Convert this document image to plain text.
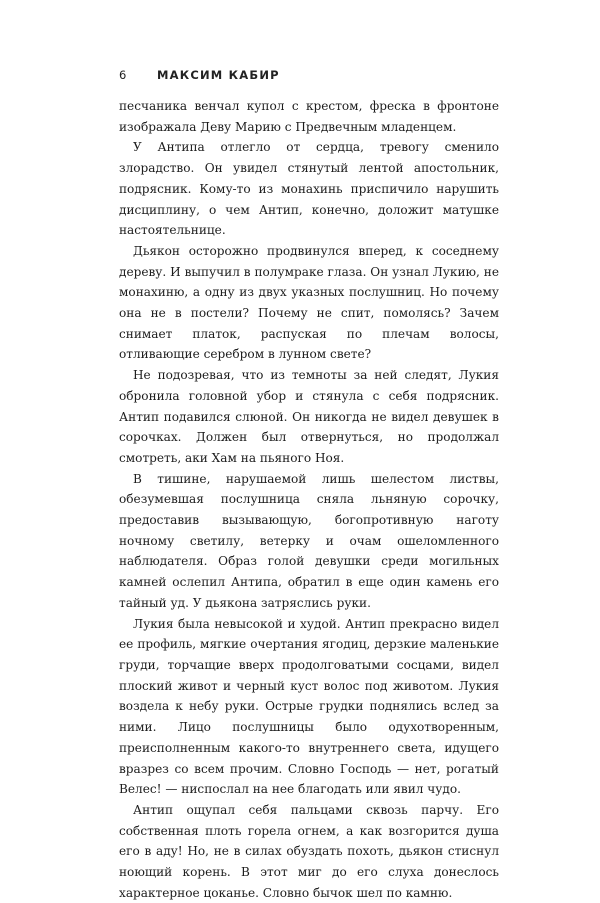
6	МАКСИМ КАБИР

песчаника венчал купол с крестом, фреска в фронтоне изображала Деву Марию с Предвечным младенцем.

У Антипа отлегло от сердца, тревогу сменило злорадство. Он увидел стянутый лентой апостольник, подрясник. Кому-то из монахинь приспичило нарушить дисциплину, о чем Антип, конечно, доложит матушке настоятельнице.

Дьякон осторожно продвинулся вперед, к соседнему дереву. И выпучил в полумраке глаза. Он узнал Лукию, не монахиню, а одну из двух указных послушниц. Но почему она не в постели? Почему не спит, помолясь? Зачем снимает платок, распуская по плечам волосы, отливающие серебром в лунном свете?

Не подозревая, что из темноты за ней следят, Лукия обронила головной убор и стянула с себя подрясник. Антип подавился слюной. Он никогда не видел девушек в сорочках. Должен был отвернуться, но продолжал смотреть, аки Хам на пьяного Ноя.

В тишине, нарушаемой лишь шелестом листвы, обезумевшая послушница сняла льняную сорочку, предоставив вызывающую, богопротивную наготу ночному светилу, ветерку и очам ошеломленного наблюдателя. Образ голой девушки среди могильных камней ослепил Антипа, обратил в еще один камень его тайный уд. У дьякона затряслись руки.

Лукия была невысокой и худой. Антип прекрасно видел ее профиль, мягкие очертания ягодиц, дерзкие маленькие груди, торчащие вверх продолговатыми сосцами, видел плоский живот и черный куст волос под животом. Лукия воздела к небу руки. Острые грудки поднялись вслед за ними. Лицо послушницы было одухотворенным, преисполненным какого-то внутреннего света, идущего вразрез со всем прочим. Словно Господь — нет, рогатый Велес! — ниспослал на нее благодать или явил чудо.

Антип ощупал себя пальцами сквозь парчу. Его собственная плоть горела огнем, а как возгорится душа его в аду! Но, не в силах обуздать похоть, дьякон стиснул ноющий корень. В этот миг до его слуха донеслось характерное цоканье. Словно бычок шел по камню.
